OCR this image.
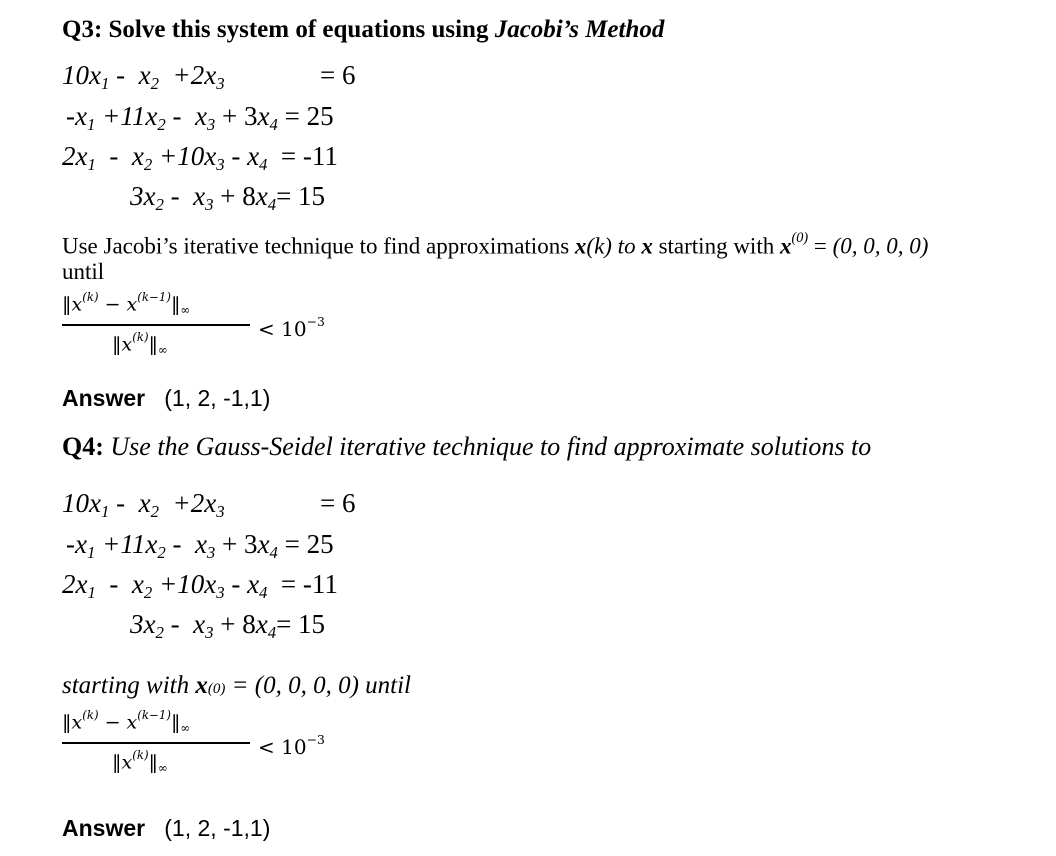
Q3: Solve this system of equations using Jacobi’s Method
$10x_1 - x_2 +2x_3$	= 6
$-x_1 +11x_2 - x_3 + 3x_4 = 25$
$2x_1 - x_2 +10x_3 - x_4 = -11$
$3x_2 - x_3 + 8x_4= 15$
Use Jacobi’s iterative technique to find approximations x(k) to x starting with $x^{(0)} = (0$, 0, 0, 0)
until
$‖x^{(k)}$ − $x^{(k-1)}‖_\infty$
$‖x^{(k)}‖_\infty$
< $10^{-3}$
Answer (1, 2, -1,1)
Q4: Use the Gauss-Seidel iterative technique to find approximate solutions to
$10x_1 - x_2 +2x_3$	= 6
$-x_1 +11x_2 - x_3 + 3x_4 = 25$
$2x_1 - x_2 +10x_3 - x_4 = -11$
$3x_2 - x_3 + 8x_4= 15$
starting with x(0) = (0, 0, 0, 0) until
$‖x^{(k)}$ − $x^{(k-1)}‖_\infty$
$‖x^{(k)}‖_\infty$
< $10^{-3}$
Answer (1, 2, -1,1)
